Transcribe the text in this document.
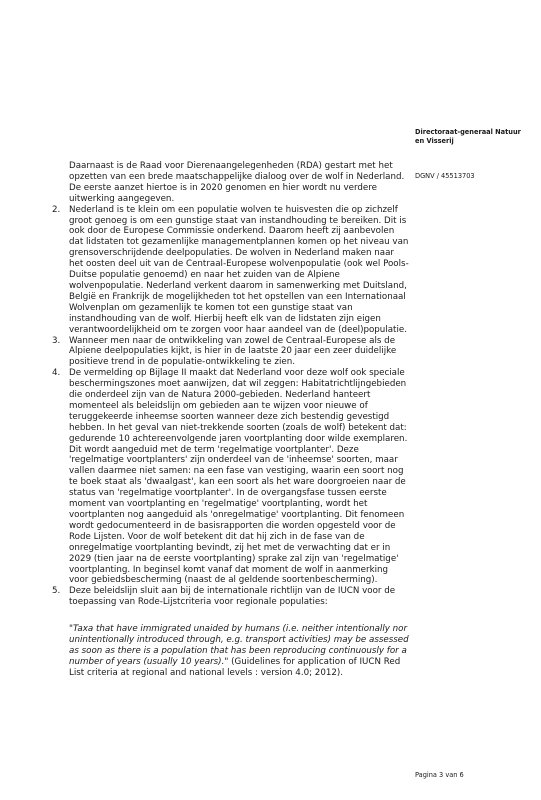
Directoraat-generaal Natuur
en Visserij
DGNV / 45513703

Daarnaast is de Raad voor Dierenaangelegenheden (RDA) gestart met het opzetten van een brede maatschappelijke dialoog over de wolf in Nederland. De eerste aanzet hiertoe is in 2020 genomen en hier wordt nu verdere uitwerking aangegeven.

2. Nederland is te klein om een populatie wolven te huisvesten die op zichzelf groot genoeg is om een gunstige staat van instandhouding te bereiken. Dit is ook door de Europese Commissie onderkend. Daarom heeft zij aanbevolen dat lidstaten tot gezamenlijke managementplannen komen op het niveau van grensoverschrijdende deelpopulaties. De wolven in Nederland maken naar het oosten deel uit van de Centraal-Europese wolvenpopulatie (ook wel Pools-Duitse populatie genoemd) en naar het zuiden van de Alpiene wolvenpopulatie. Nederland verkent daarom in samenwerking met Duitsland, België en Frankrijk de mogelijkheden tot het opstellen van een Internationaal Wolvenplan om gezamenlijk te komen tot een gunstige staat van instandhouding van de wolf. Hierbij heeft elk van de lidstaten zijn eigen verantwoordelijkheid om te zorgen voor haar aandeel van de (deel)populatie.
3. Wanneer men naar de ontwikkeling van zowel de Centraal-Europese als de Alpiene deelpopulaties kijkt, is hier in de laatste 20 jaar een zeer duidelijke positieve trend in de populatie-ontwikkeling te zien.
4. De vermelding op Bijlage II maakt dat Nederland voor deze wolf ook speciale beschermingszones moet aanwijzen, dat wil zeggen: Habitatrichtlijngebieden die onderdeel zijn van de Natura 2000-gebieden. Nederland hanteert momenteel als beleidslijn om gebieden aan te wijzen voor nieuwe of teruggekeerde inheemse soorten wanneer deze zich bestendig gevestigd hebben. In het geval van niet-trekkende soorten (zoals de wolf) betekent dat: gedurende 10 achtereenvolgende jaren voortplanting door wilde exemplaren. Dit wordt aangeduid met de term 'regelmatige voortplanter'. Deze 'regelmatige voortplanters' zijn onderdeel van de 'inheemse' soorten, maar vallen daarmee niet samen: na een fase van vestiging, waarin een soort nog te boek staat als 'dwaalgast', kan een soort als het ware doorgroeien naar de status van 'regelmatige voortplanter'. In de overgangsfase tussen eerste moment van voortplanting en 'regelmatige' voortplanting, wordt het voortplanten nog aangeduid als 'onregelmatige' voortplanting. Dit fenomeen wordt gedocumenteerd in de basisrapporten die worden opgesteld voor de Rode Lijsten. Voor de wolf betekent dit dat hij zich in de fase van de onregelmatige voortplanting bevindt, zij het met de verwachting dat er in 2029 (tien jaar na de eerste voortplanting) sprake zal zijn van 'regelmatige' voortplanting. In beginsel komt vanaf dat moment de wolf in aanmerking voor gebiedsbescherming (naast de al geldende soortenbescherming).
5. Deze beleidslijn sluit aan bij de internationale richtlijn van de IUCN voor de toepassing van Rode-Lijstcriteria voor regionale populaties:

"Taxa that have immigrated unaided by humans (i.e. neither intentionally nor unintentionally introduced through, e.g. transport activities) may be assessed as soon as there is a population that has been reproducing continuously for a number of years (usually 10 years)." (Guidelines for application of IUCN Red List criteria at regional and national levels : version 4.0; 2012).

Pagina 3 van 6
